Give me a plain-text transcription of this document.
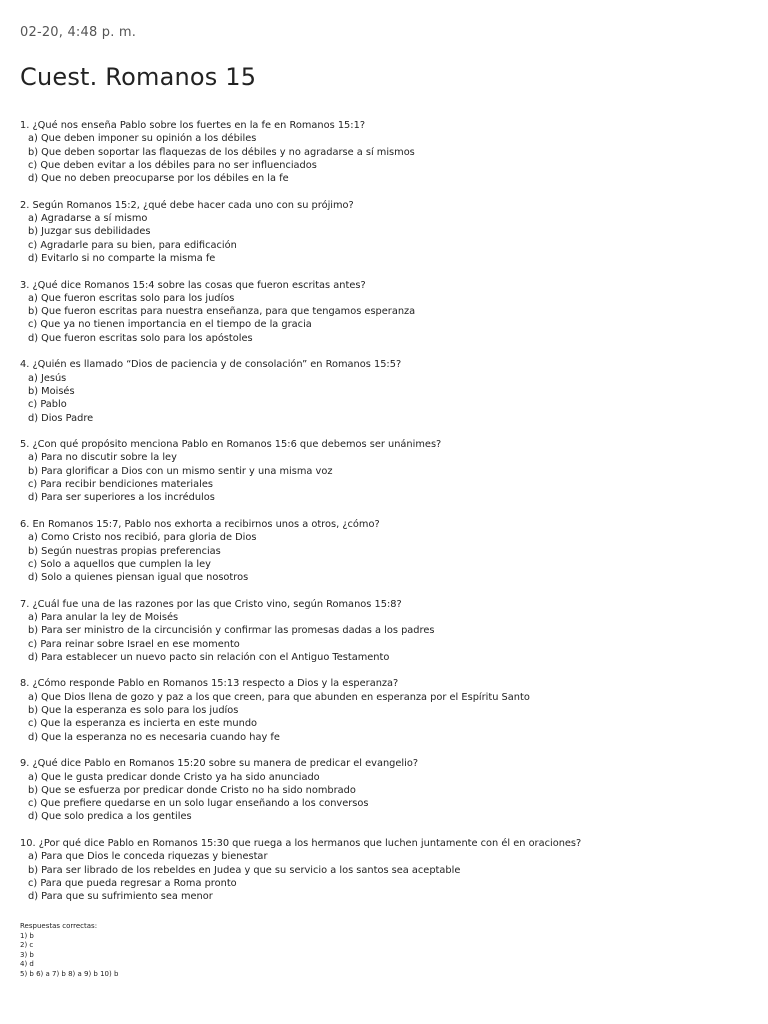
02-20, 4:48 p. m.
Cuest. Romanos 15
1. ¿Qué nos enseña Pablo sobre los fuertes en la fe en Romanos 15:1?
a) Que deben imponer su opinión a los débiles
b) Que deben soportar las flaquezas de los débiles y no agradarse a sí mismos
c) Que deben evitar a los débiles para no ser influenciados
d) Que no deben preocuparse por los débiles en la fe
2. Según Romanos 15:2, ¿qué debe hacer cada uno con su prójimo?
a) Agradarse a sí mismo
b) Juzgar sus debilidades
c) Agradarle para su bien, para edificación
d) Evitarlo si no comparte la misma fe
3. ¿Qué dice Romanos 15:4 sobre las cosas que fueron escritas antes?
a) Que fueron escritas solo para los judíos
b) Que fueron escritas para nuestra enseñanza, para que tengamos esperanza
c) Que ya no tienen importancia en el tiempo de la gracia
d) Que fueron escritas solo para los apóstoles
4. ¿Quién es llamado “Dios de paciencia y de consolación” en Romanos 15:5?
a) Jesús
b) Moisés
c) Pablo
d) Dios Padre
5. ¿Con qué propósito menciona Pablo en Romanos 15:6 que debemos ser unánimes?
a) Para no discutir sobre la ley
b) Para glorificar a Dios con un mismo sentir y una misma voz
c) Para recibir bendiciones materiales
d) Para ser superiores a los incrédulos
6. En Romanos 15:7, Pablo nos exhorta a recibirnos unos a otros, ¿cómo?
a) Como Cristo nos recibió, para gloria de Dios
b) Según nuestras propias preferencias
c) Solo a aquellos que cumplen la ley
d) Solo a quienes piensan igual que nosotros
7. ¿Cuál fue una de las razones por las que Cristo vino, según Romanos 15:8?
a) Para anular la ley de Moisés
b) Para ser ministro de la circuncisión y confirmar las promesas dadas a los padres
c) Para reinar sobre Israel en ese momento
d) Para establecer un nuevo pacto sin relación con el Antiguo Testamento
8. ¿Cómo responde Pablo en Romanos 15:13 respecto a Dios y la esperanza?
a) Que Dios llena de gozo y paz a los que creen, para que abunden en esperanza por el Espíritu Santo
b) Que la esperanza es solo para los judíos
c) Que la esperanza es incierta en este mundo
d) Que la esperanza no es necesaria cuando hay fe
9. ¿Qué dice Pablo en Romanos 15:20 sobre su manera de predicar el evangelio?
a) Que le gusta predicar donde Cristo ya ha sido anunciado
b) Que se esfuerza por predicar donde Cristo no ha sido nombrado
c) Que prefiere quedarse en un solo lugar enseñando a los conversos
d) Que solo predica a los gentiles
10. ¿Por qué dice Pablo en Romanos 15:30 que ruega a los hermanos que luchen juntamente con él en oraciones?
a) Para que Dios le conceda riquezas y bienestar
b) Para ser librado de los rebeldes en Judea y que su servicio a los santos sea aceptable
c) Para que pueda regresar a Roma pronto
d) Para que su sufrimiento sea menor
Respuestas correctas:
1) b
2) c
3) b
4) d
5) b 6) a 7) b 8) a 9) b 10) b
